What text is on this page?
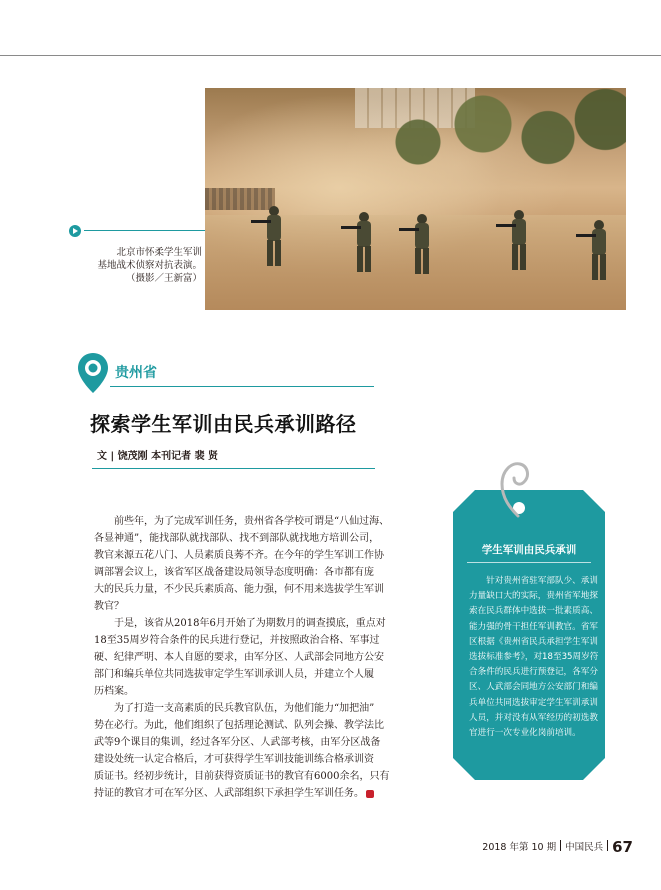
北京市怀柔学生军训
基地战术侦察对抗表演。
（摄影／王新富）
贵州省
探索学生军训由民兵承训路径
文 | 饶茂刚 本刊记者 裴 贤
　　前些年，为了完成军训任务，贵州省各学校可谓是“八仙过海、
各显神通”，能找部队就找部队、找不到部队就找地方培训公司，
教官来源五花八门、人员素质良莠不齐。在今年的学生军训工作协
调部署会议上，该省军区战备建设局领导态度明确：各市都有庞
大的民兵力量，不少民兵素质高、能力强，何不用来选拔学生军训
教官？
　　于是，该省从2018年6月开始了为期数月的调查摸底，重点对
18至35周岁符合条件的民兵进行登记，并按照政治合格、军事过
硬、纪律严明、本人自愿的要求，由军分区、人武部会同地方公安
部门和编兵单位共同选拔审定学生军训承训人员，并建立个人履
历档案。
　　为了打造一支高素质的民兵教官队伍，为他们能力“加把油”
势在必行。为此，他们组织了包括理论测试、队列会操、教学法比
武等9个课目的集训，经过各军分区、人武部考核，由军分区战备
建设处统一认定合格后，才可获得学生军训技能训练合格承训资
质证书。经初步统计，目前获得资质证书的教官有6000余名，只有
持证的教官才可在军分区、人武部组织下承担学生军训任务。
学生军训由民兵承训
　　针对贵州省驻军部队少、承训
力量缺口大的实际，贵州省军地探
索在民兵群体中选拔一批素质高、
能力强的骨干担任军训教官。省军
区根据《贵州省民兵承担学生军训
选拔标准参考》，对18至35周岁符
合条件的民兵进行预登记，各军分
区、人武部会同地方公安部门和编
兵单位共同选拔审定学生军训承训
人员，并对没有从军经历的初选教
官进行一次专业化岗前培训。
2018 年第 10 期 中国民兵 67
